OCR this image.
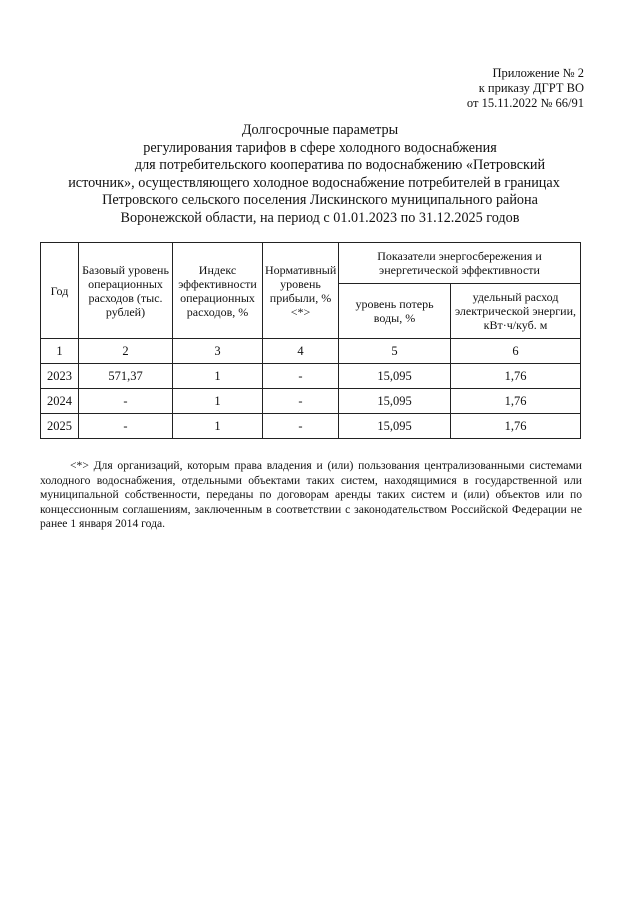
Приложение № 2
к приказу ДГРТ ВО
от 15.11.2022 № 66/91
Долгосрочные параметры
регулирования тарифов в сфере холодного водоснабжения
для потребительского кооператива по водоснабжению «Петровский
источник», осуществляющего холодное водоснабжение потребителей в границах
Петровского сельского поселения Лискинского муниципального района
Воронежской области, на период с 01.01.2023 по 31.12.2025 годов
Год	Базовый уровень операционных расходов (тыс. рублей)	Индекс эффективности операционных расходов, %	Нормативный уровень прибыли, % <*>	Показатели энергосбережения и энергетической эффективности	
				уровень потерь воды, %	удельный расход электрической энергии, кВт·ч/куб. м
1	2	3	4	5	6
2023	571,37	1	-	15,095	1,76
2024	-	1	-	15,095	1,76
2025	-	1	-	15,095	1,76

<*> Для организаций, которым права владения и (или) пользования централизованными системами холодного водоснабжения, отдельными объектами таких систем, находящимися в государственной или муниципальной собственности, переданы по договорам аренды таких систем и (или) объектов или по концессионным соглашениям, заключенным в соответствии с законодательством Российской Федерации не ранее 1 января 2014 года.
